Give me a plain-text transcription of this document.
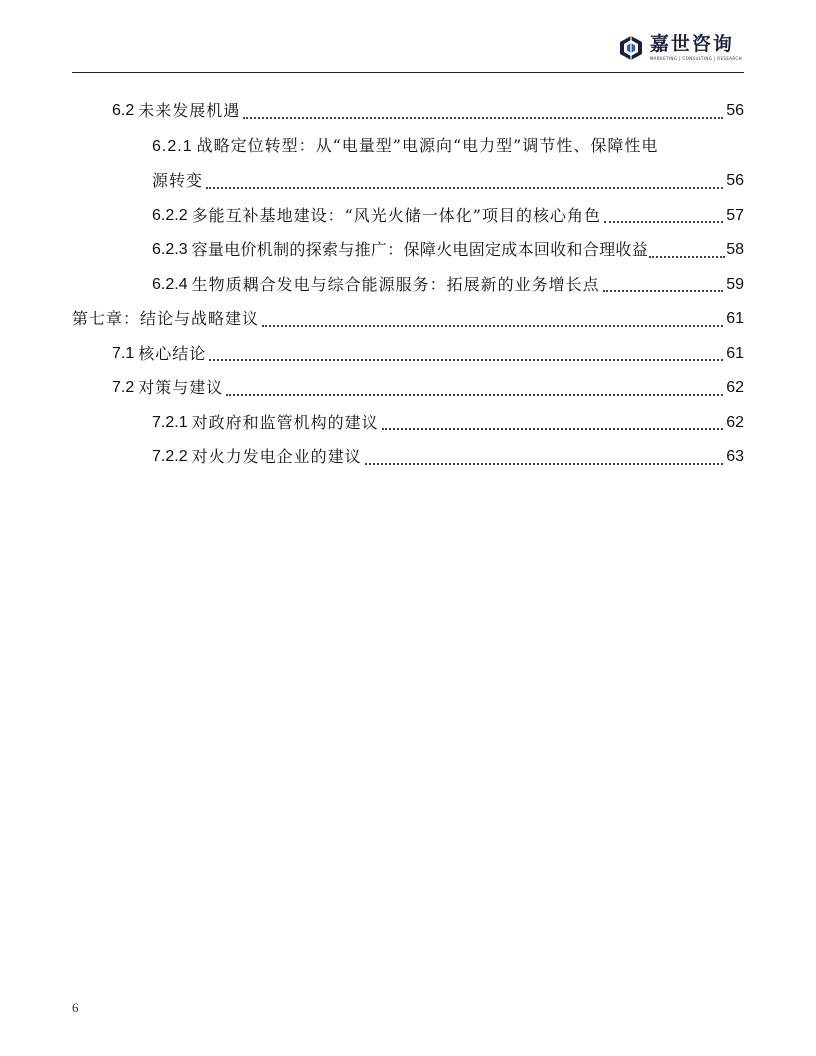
嘉世咨询
MARKETING | CONSULTING | RESEARCH
6.2 未来发展机遇	56
6.2.1 战略定位转型：从“电量型”电源向“电力型”调节性、保障性电
源转变	56
6.2.2 多能互补基地建设：“风光火储一体化”项目的核心角色	57
6.2.3 容量电价机制的探索与推广：保障火电固定成本回收和合理收益	58
6.2.4 生物质耦合发电与综合能源服务：拓展新的业务增长点	59
第七章：结论与战略建议	61
7.1 核心结论	61
7.2 对策与建议	62
7.2.1 对政府和监管机构的建议	62
7.2.2 对火力发电企业的建议	63
6
